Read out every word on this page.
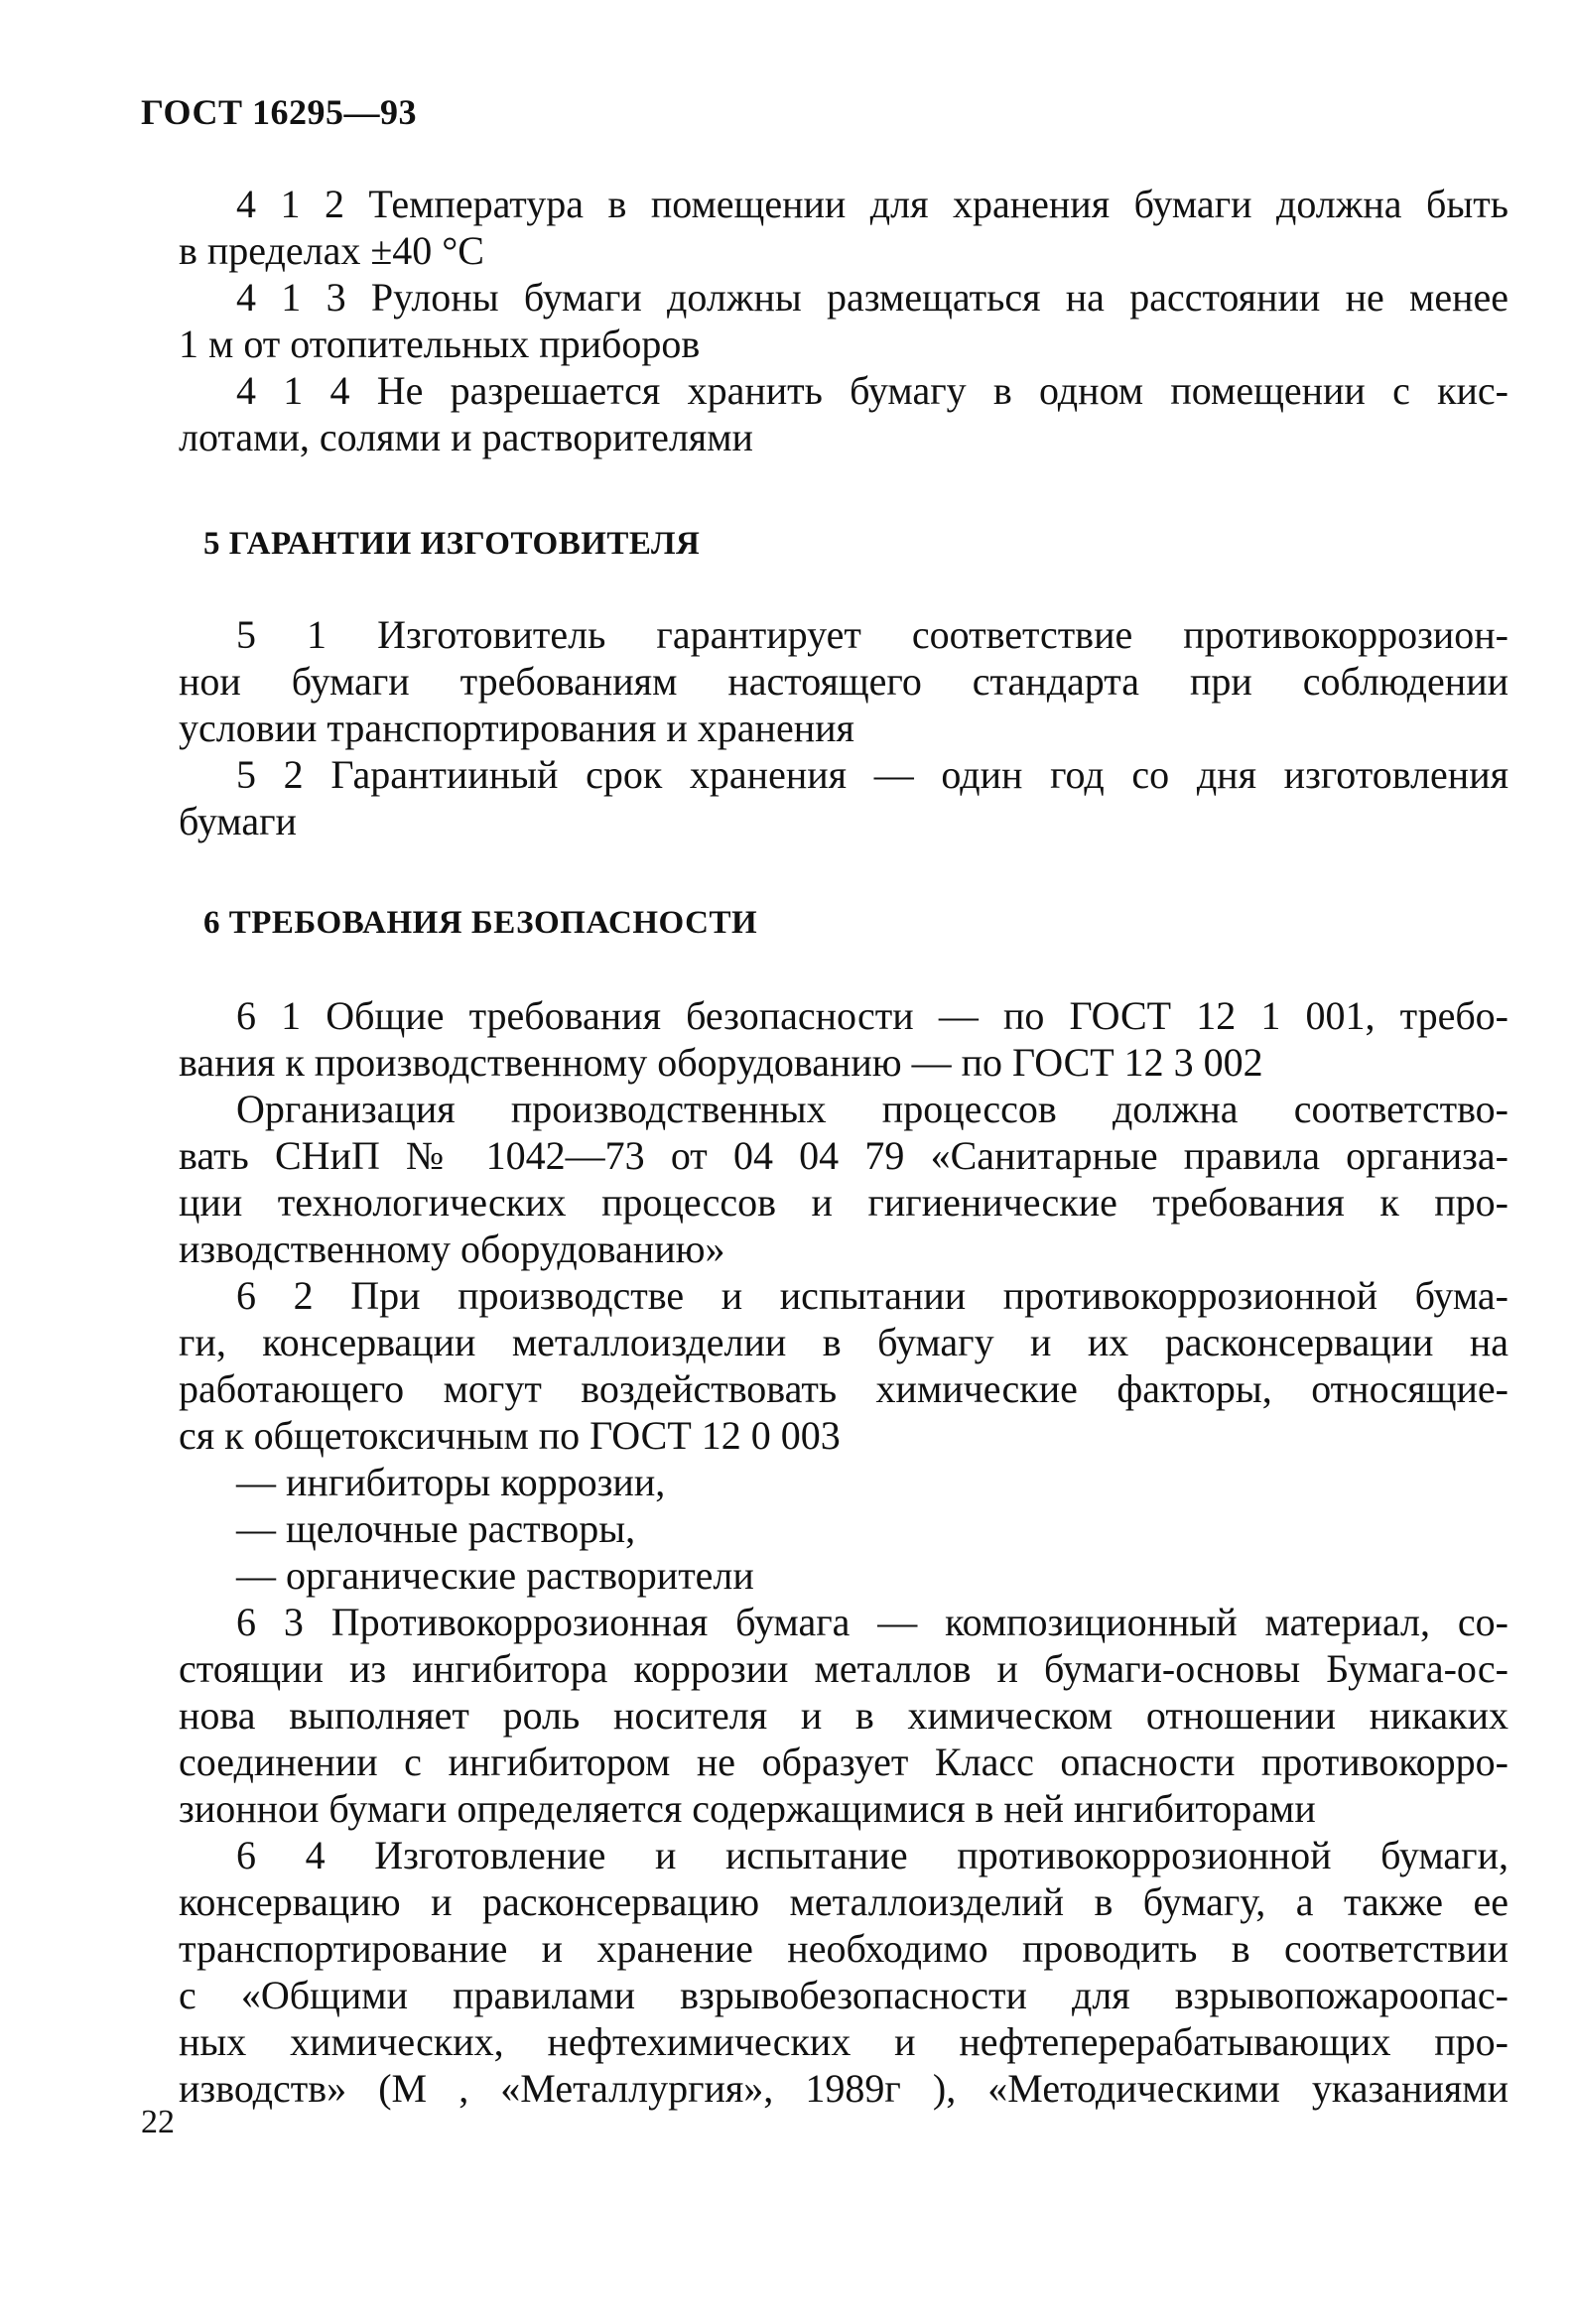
ГОСТ 16295—93
4 1 2 Температура в помещении для хранения бумаги должна быть
в пределах ±40 °С
4 1 3 Рулоны бумаги должны размещаться на расстоянии не менее
1 м от отопительных приборов
4 1 4 Не разрешается хранить бумагу в одном помещении с кис-
лотами, солями и растворителями
5 ГАРАНТИИ ИЗГОТОВИТЕЛЯ
5 1 Изготовитель гарантирует соответствие противокоррозион-
нои бумаги требованиям настоящего стандарта при соблюдении
условии транспортирования и хранения
5 2 Гарантииный срок хранения — один год со дня изготовления
бумаги
6 ТРЕБОВАНИЯ БЕЗОПАСНОСТИ
6 1 Общие требования безопасности — по ГОСТ 12 1 001, требо-
вания к производственному оборудованию — по ГОСТ 12 3 002
Организация производственных процессов должна соответство-
вать СНиП № 1042—73 от 04 04 79 «Санитарные правила организа-
ции технологических процессов и гигиенические требования к про-
изводственному оборудованию»
6 2 При производстве и испытании противокоррозионной бума-
ги, консервации металлоизделии в бумагу и их расконсервации на
работающего могут воздействовать химические факторы, относящие-
ся к общетоксичным по ГОСТ 12 0 003
— ингибиторы коррозии,
— щелочные растворы,
— органические растворители
6 3 Противокоррозионная бумага — композиционный материал, со-
стоящии из ингибитора коррозии металлов и бумаги-основы Бумага-ос-
нова выполняет роль носителя и в химическом отношении никаких
соединении с ингибитором не образует Класс опасности противокорро-
зионнои бумаги определяется содержащимися в ней ингибиторами
6 4 Изготовление и испытание противокоррозионной бумаги,
консервацию и расконсервацию металлоизделий в бумагу, а также ее
транспортирование и хранение необходимо проводить в соответствии
с «Общими правилами взрывобезопасности для взрывопожароопас-
ных химических, нефтехимических и нефтеперерабатывающих про-
изводств» (М , «Металлургия», 1989г ), «Методическими указаниями
22
